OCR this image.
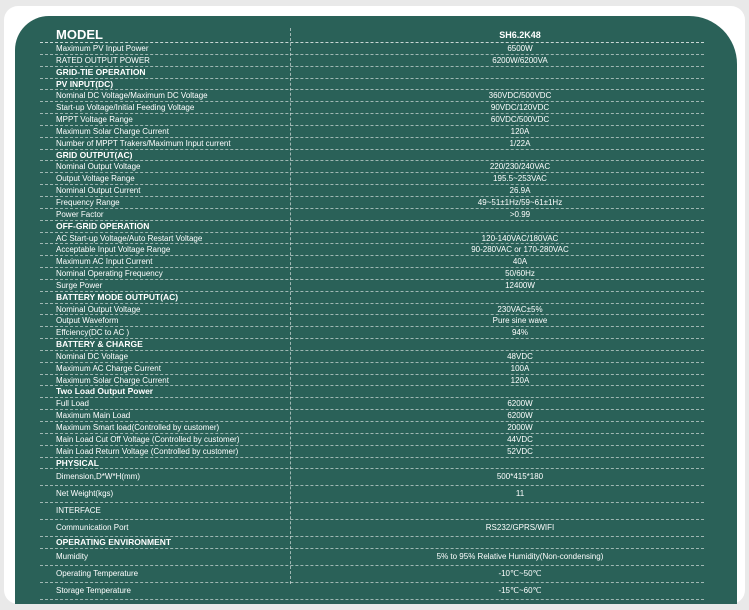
MODEL	SH6.2K48
Maximum PV Input Power	6500W
RATED OUTPUT POWER	6200W/6200VA
GRID-TIE OPERATION
PV INPUT(DC)
Nominal DC Voltage/Maximum DC Voltage	360VDC/500VDC
Start-up Voltage/Initial Feeding Voltage	90VDC/120VDC
MPPT Voltage Range	60VDC/500VDC
Maximum Solar Charge Current	120A
Number of MPPT Trakers/Maximum Input current	1/22A
GRID OUTPUT(AC)
Nominal Output Voltage	220/230/240VAC
Output Voltage Range	195.5~253VAC
Nominal Output Current	26.9A
Frequency Range	49~51±1Hz/59~61±1Hz
Power Factor	>0.99
OFF-GRID OPERATION
AC Start-up Voltage/Auto Restart Voltage	120-140VAC/180VAC
Acceptable Input Voltage Range	90-280VAC or 170-280VAC
Maximum AC Input Current	40A
Nominal Operating Frequency	50/60Hz
Surge Power	12400W
BATTERY MODE OUTPUT(AC)
Nominal Output Voltage	230VAC±5%
Output Waveform	Pure sine wave
Effciency(DC to AC )	94%
BATTERY & CHARGE
Nominal DC Voltage	48VDC
Maximum AC Charge Current	100A
Maximum Solar Charge Current	120A
Two Load Output Power
Full Load	6200W
Maximum Main Load	6200W
Maximum Smart load(Controlled by customer)	2000W
Main Load Cut Off Voltage (Controlled by customer)	44VDC
Main Load Return Voltage (Controlled by customer)	52VDC
PHYSICAL
Dimension,D*W*H(mm)	500*415*180
Net Weight(kgs)	11
INTERFACE
Communication Port	RS232/GPRS/WIFI
OPERATING ENVIRONMENT
Mumidity	5% to 95% Relative Humidity(Non-condensing)
Operating Temperature	-10℃~50℃
Storage Temperature	-15℃~60℃
